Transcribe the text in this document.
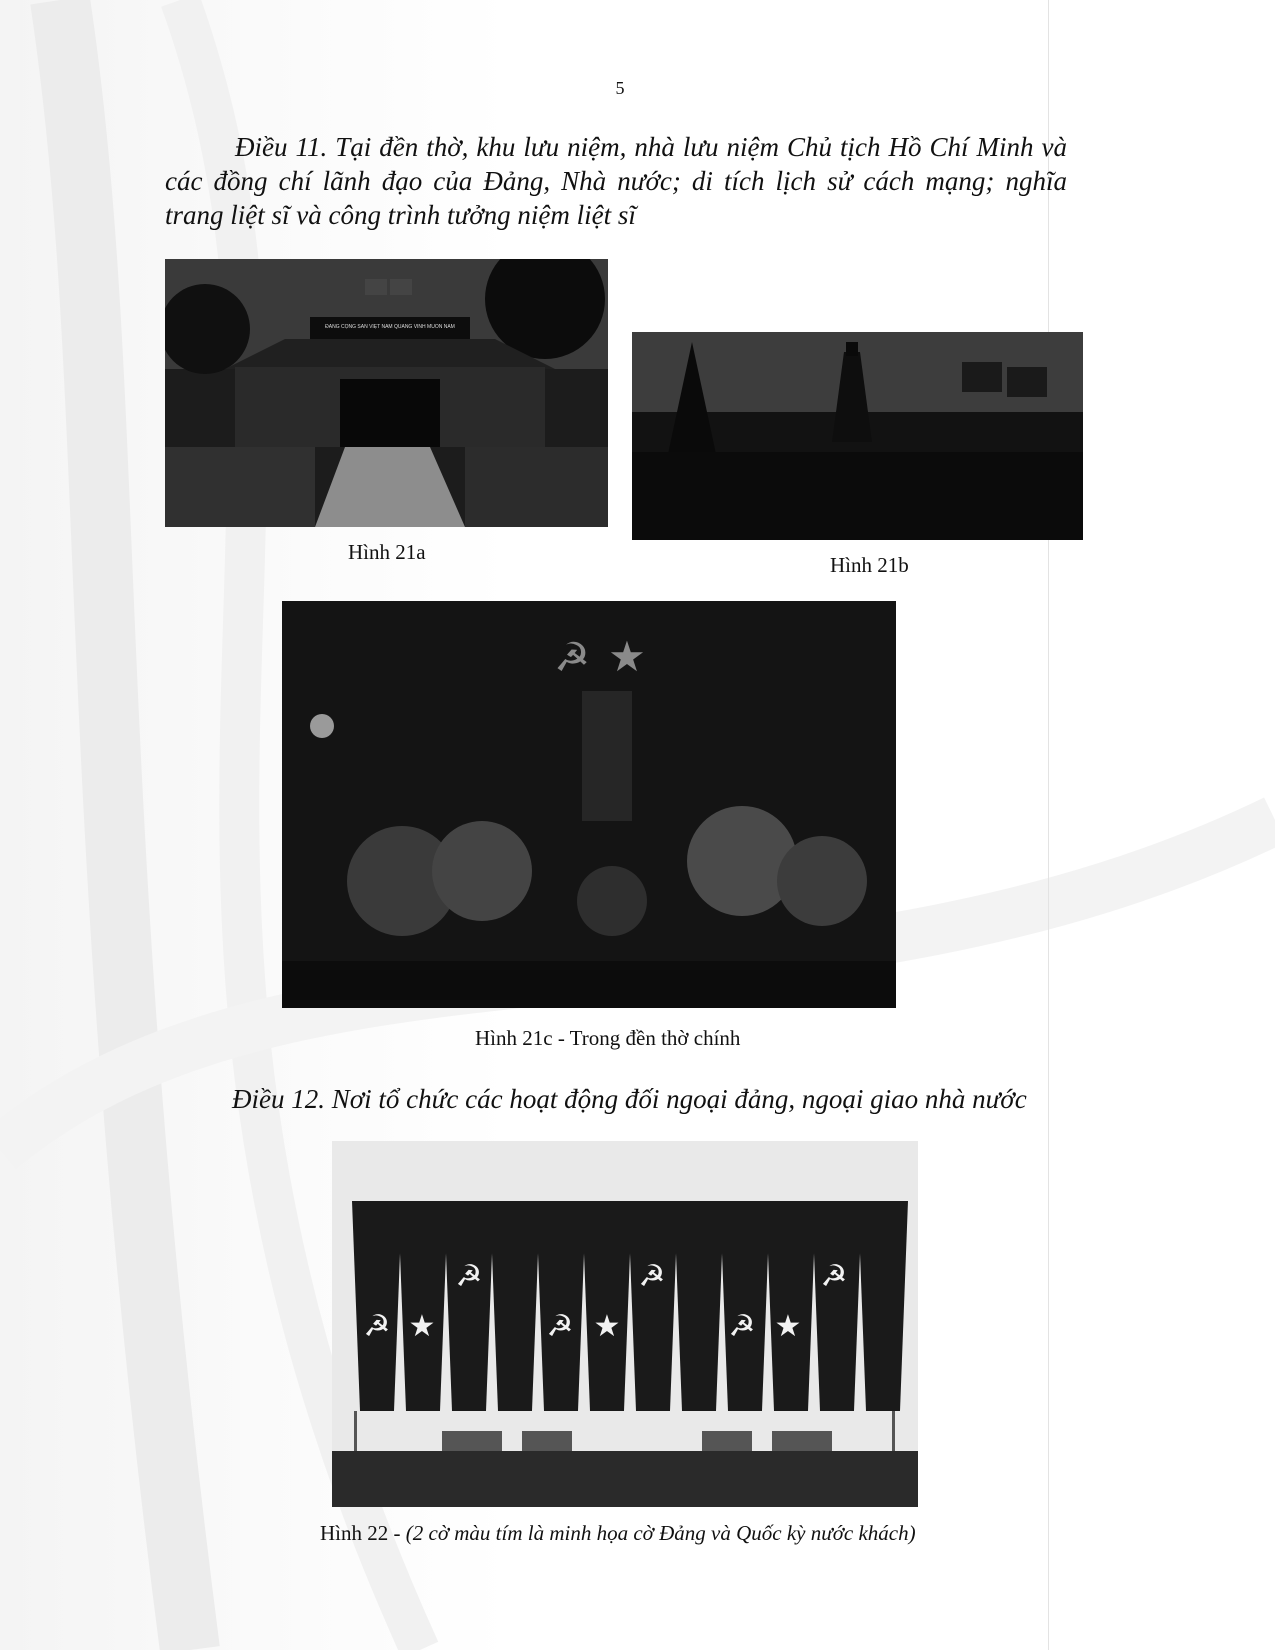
5
Điều 11. Tại đền thờ, khu lưu niệm, nhà lưu niệm Chủ tịch Hồ Chí Minh và các đồng chí lãnh đạo của Đảng, Nhà nước; di tích lịch sử cách mạng; nghĩa trang liệt sĩ và công trình tưởng niệm liệt sĩ
ĐẢNG CỘNG SẢN VIỆT NAM QUANG VINH MUÔN NĂM
Hình 21a
Hình 21b
☭ ★
Hình 21c - Trong đền thờ chính
Điều 12. Nơi tổ chức các hoạt động đối ngoại đảng, ngoại giao nhà nước
☭ ★
☭
☭ ★
☭
☭ ★
☭
Hình 22 - (2 cờ màu tím là minh họa cờ Đảng và Quốc kỳ nước khách)
